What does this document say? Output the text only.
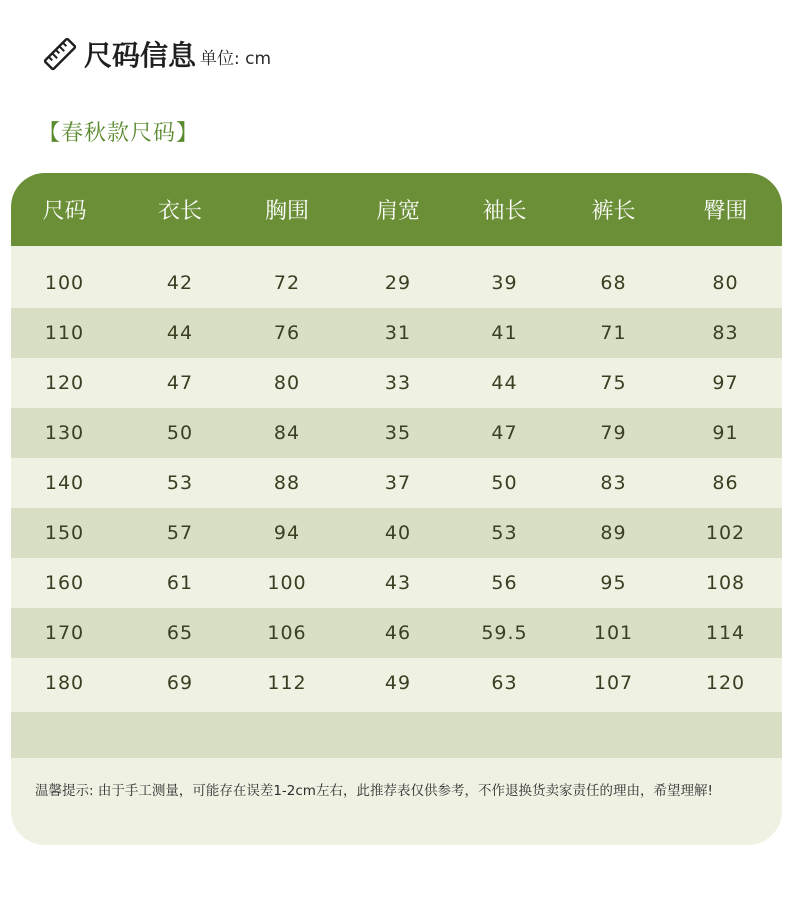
尺码信息 单位: cm
【春秋款尺码】
尺码	衣长	胸围	肩宽	袖长	裤长	臀围
100	42	72	29	39	68	80
110	44	76	31	41	71	83
120	47	80	33	44	75	97
130	50	84	35	47	79	91
140	53	88	37	50	83	86
150	57	94	40	53	89	102
160	61	100	43	56	95	108
170	65	106	46	59.5	101	114
180	69	112	49	63	107	120
温馨提示: 由于手工测量，可能存在误差1-2cm左右，此推荐表仅供参考，不作退换货卖家责任的理由，希望理解!
